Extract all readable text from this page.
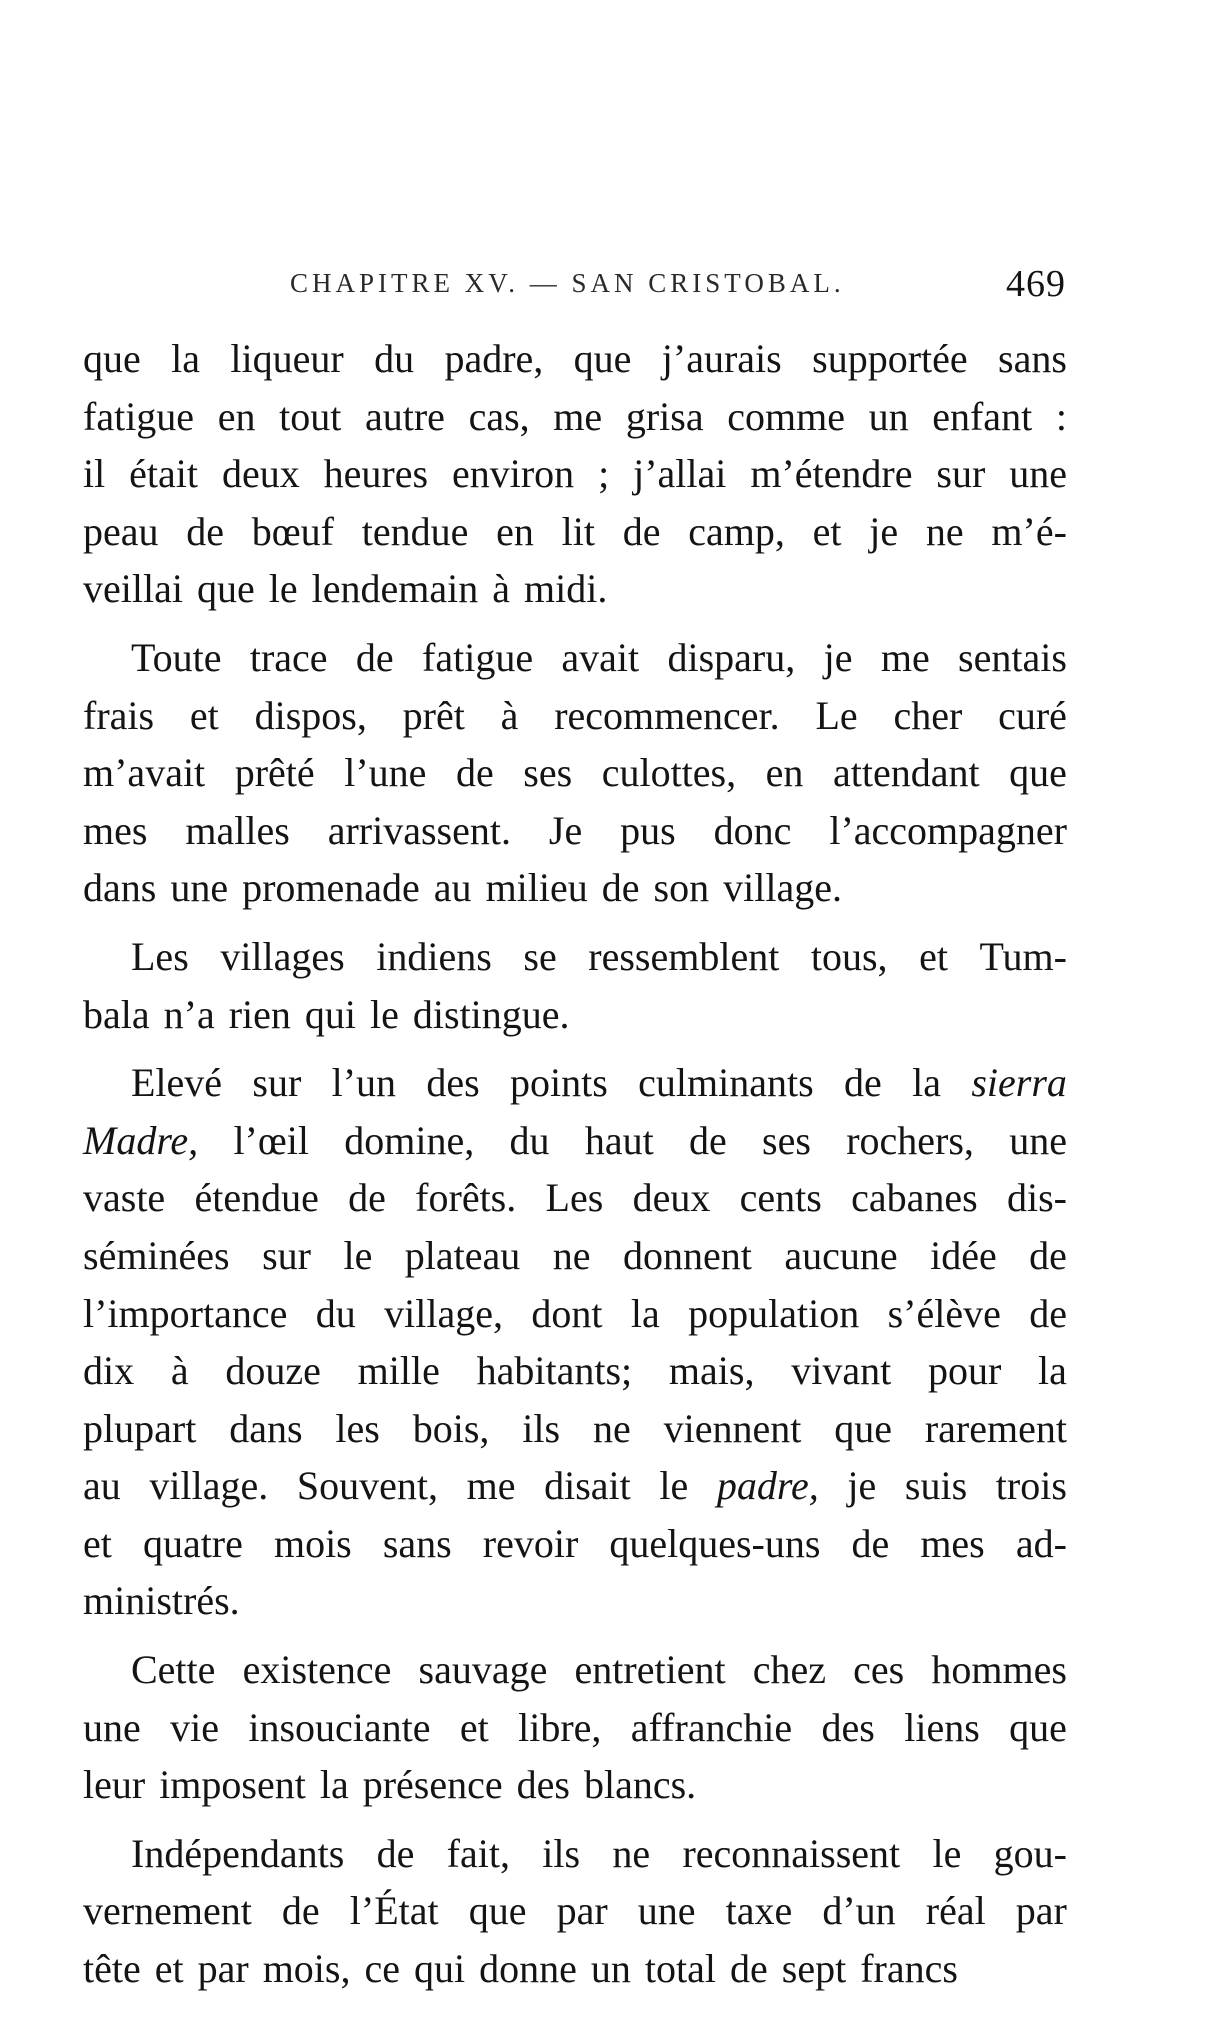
CHAPITRE XV. — SAN CRISTOBAL.	469
que la liqueur du padre, que j’aurais supportée sans
fatigue en tout autre cas, me grisa comme un enfant :
il était deux heures environ ; j’allai m’étendre sur une
peau de bœuf tendue en lit de camp, et je ne m’é-
veillai que le lendemain à midi.
Toute trace de fatigue avait disparu, je me sentais
frais et dispos, prêt à recommencer. Le cher curé
m’avait prêté l’une de ses culottes, en attendant que
mes malles arrivassent. Je pus donc l’accompagner
dans une promenade au milieu de son village.
Les villages indiens se ressemblent tous, et Tum-
bala n’a rien qui le distingue.
Elevé sur l’un des points culminants de la sierra
Madre, l’œil domine, du haut de ses rochers, une
vaste étendue de forêts. Les deux cents cabanes dis-
séminées sur le plateau ne donnent aucune idée de
l’importance du village, dont la population s’élève de
dix à douze mille habitants; mais, vivant pour la
plupart dans les bois, ils ne viennent que rarement
au village. Souvent, me disait le padre, je suis trois
et quatre mois sans revoir quelques-uns de mes ad-
ministrés.
Cette existence sauvage entretient chez ces hommes
une vie insouciante et libre, affranchie des liens que
leur imposent la présence des blancs.
Indépendants de fait, ils ne reconnaissent le gou-
vernement de l’État que par une taxe d’un réal par
tête et par mois, ce qui donne un total de sept francs
